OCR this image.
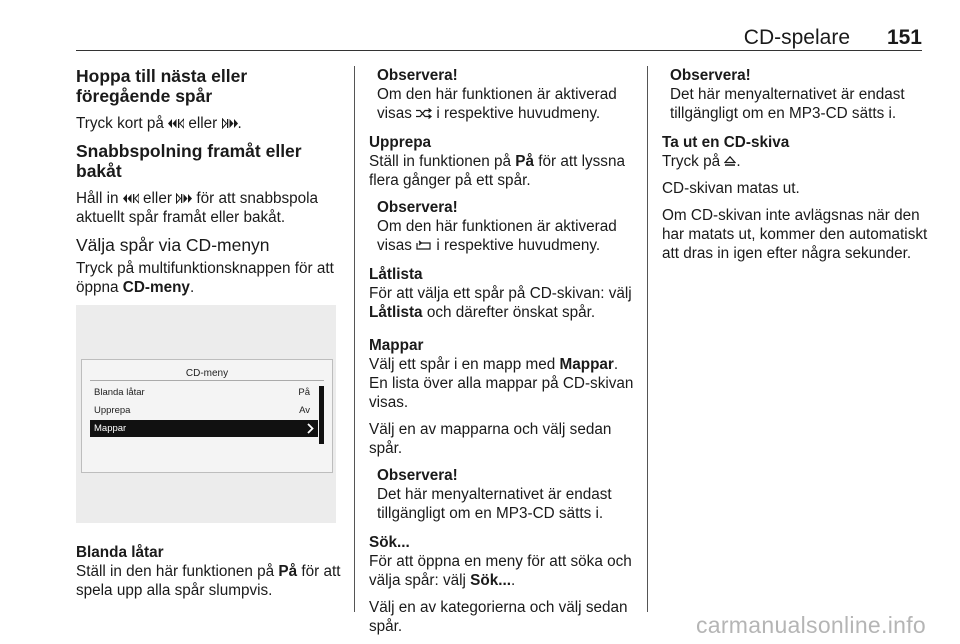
CD-spelare 151
Hoppa till nästa eller föregående spår

Tryck kort på eller .

Snabbspolning framåt eller bakåt

Håll in eller för att snabbspola aktuellt spår framåt eller bakåt.

Välja spår via CD-menyn

Tryck på multifunktionsknappen för att öppna CD-meny.

CD-meny
Blanda låtar	På
Upprepa	Av
Mappar
Blanda låtar

Ställ in den här funktionen på På för att spela upp alla spår slumpvis.

Observera!
Om den här funktionen är aktiverad visas i respektive huvudmeny.
Upprepa

Ställ in funktionen på På för att lyssna flera gånger på ett spår.

Observera!
Om den här funktionen är aktiverad visas i respektive huvudmeny.
Låtlista

För att välja ett spår på CD-skivan: välj Låtlista och därefter önskat spår.

Mappar

Välj ett spår i en mapp med Mappar. En lista över alla mappar på CD-skivan visas.

Välj en av mapparna och välj sedan spår.

Observera!
Det här menyalternativet är endast tillgängligt om en MP3-CD sätts i.
Sök...

För att öppna en meny för att söka och välja spår: välj Sök....

Välj en av kategorierna och välj sedan spår.

Observera!
Det här menyalternativet är endast tillgängligt om en MP3-CD sätts i.
Ta ut en CD-skiva

Tryck på .

CD-skivan matas ut.

Om CD-skivan inte avlägsnas när den har matats ut, kommer den automatiskt att dras in igen efter några sekunder.

carmanualsonline.info
